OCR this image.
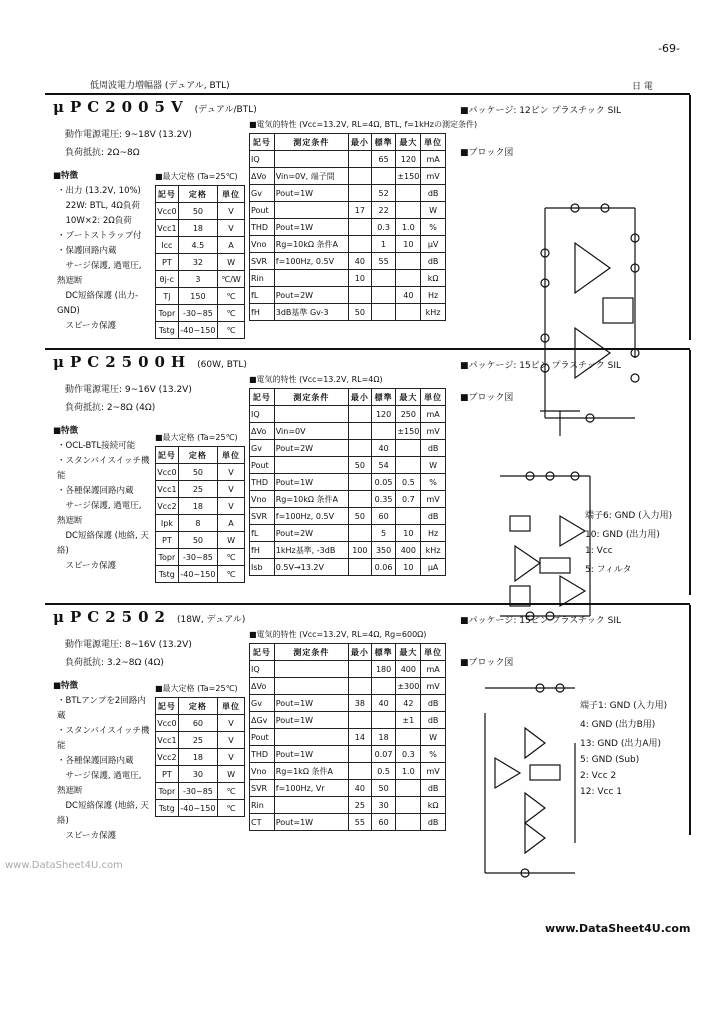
-69-
低周波電力増幅器 (デュアル, BTL)	日 電
www.DataSheet4U.com
www.DataSheet4U.com
μPC2005V (デュアル/BTL)
動作電源電圧: 9~18V (13.2V)
負荷抵抗: 2Ω~8Ω
■特徴
・出力 (13.2V, 10%)
　22W: BTL, 4Ω負荷
　10W×2: 2Ω負荷
・ブートストラップ付
・保護回路内蔵
　サージ保護, 過電圧, 熱遮断
　DC短絡保護 (出力-GND)
　スピーカ保護
■最大定格 (Ta=25℃)
記号	定格	単位
Vcc0	50	V
Vcc1	18	V
Icc	4.5	A
PT	32	W
θj-c	3	℃/W
Tj	150	℃
Topr	-30~85	℃
Tstg	-40~150	℃
■電気的特性 (Vcc=13.2V, RL=4Ω, BTL, f=1kHzの測定条件)
記号	測定条件	最小	標準	最大	単位
IQ			65	120	mA
ΔVo	Vin=0V, 端子間			±150	mV
Gv	Pout=1W		52		dB
Pout		17	22		W
THD	Pout=1W		0.3	1.0	%
Vno	Rg=10kΩ 条件A		1	10	μV
SVR	f=100Hz, 0.5V	40	55		dB
Rin		10			kΩ
fL	Pout=2W			40	Hz
fH	3dB基準 Gv-3	50			kHz
■パッケージ: 12ピン プラスチック SIL
■ブロック図
μPC2500H (60W, BTL)
動作電源電圧: 9~16V (13.2V)
負荷抵抗: 2~8Ω (4Ω)
■特徴
・OCL-BTL接続可能
・スタンバイスイッチ機能
・各種保護回路内蔵
　サージ保護, 過電圧, 熱遮断
　DC短絡保護 (地絡, 天絡)
　スピーカ保護
■最大定格 (Ta=25℃)
記号	定格	単位
Vcc0	50	V
Vcc1	25	V
Vcc2	18	V
Ipk	8	A
PT	50	W
Topr	-30~85	℃
Tstg	-40~150	℃
■電気的特性 (Vcc=13.2V, RL=4Ω)
記号	測定条件	最小	標準	最大	単位
IQ			120	250	mA
ΔVo	Vin=0V			±150	mV
Gv	Pout=2W		40		dB
Pout		50	54		W
THD	Pout=1W		0.05	0.5	%
Vno	Rg=10kΩ 条件A		0.35	0.7	mV
SVR	f=100Hz, 0.5V	50	60		dB
fL	Pout=2W		5	10	Hz
fH	1kHz基準, -3dB	100	350	400	kHz
Isb	0.5V→13.2V		0.06	10	μA
■パッケージ: 15ピン プラスチック SIL
■ブロック図
端子6: GND (入力用)
10: GND (出力用)
1: Vcc
5: フィルタ
μPC2502 (18W, デュアル)
動作電源電圧: 8~16V (13.2V)
負荷抵抗: 3.2~8Ω (4Ω)
■特徴
・BTLアンプを2回路内蔵
・スタンバイスイッチ機能
・各種保護回路内蔵
　サージ保護, 過電圧, 熱遮断
　DC短絡保護 (地絡, 天絡)
　スピーカ保護
■最大定格 (Ta=25℃)
記号	定格	単位
Vcc0	60	V
Vcc1	25	V
Vcc2	18	V
PT	30	W
Topr	-30~85	℃
Tstg	-40~150	℃
■電気的特性 (Vcc=13.2V, RL=4Ω, Rg=600Ω)
記号	測定条件	最小	標準	最大	単位
IQ			180	400	mA
ΔVo				±300	mV
Gv	Pout=1W	38	40	42	dB
ΔGv	Pout=1W			±1	dB
Pout		14	18		W
THD	Pout=1W		0.07	0.3	%
Vno	Rg=1kΩ 条件A		0.5	1.0	mV
SVR	f=100Hz, Vr	40	50		dB
Rin		25	30		kΩ
CT	Pout=1W	55	60		dB
■パッケージ: 15ピン プラスチック SIL
■ブロック図
端子1: GND (入力用)
4: GND (出力B用)
13: GND (出力A用)
5: GND (Sub)
2: Vcc 2
12: Vcc 1
